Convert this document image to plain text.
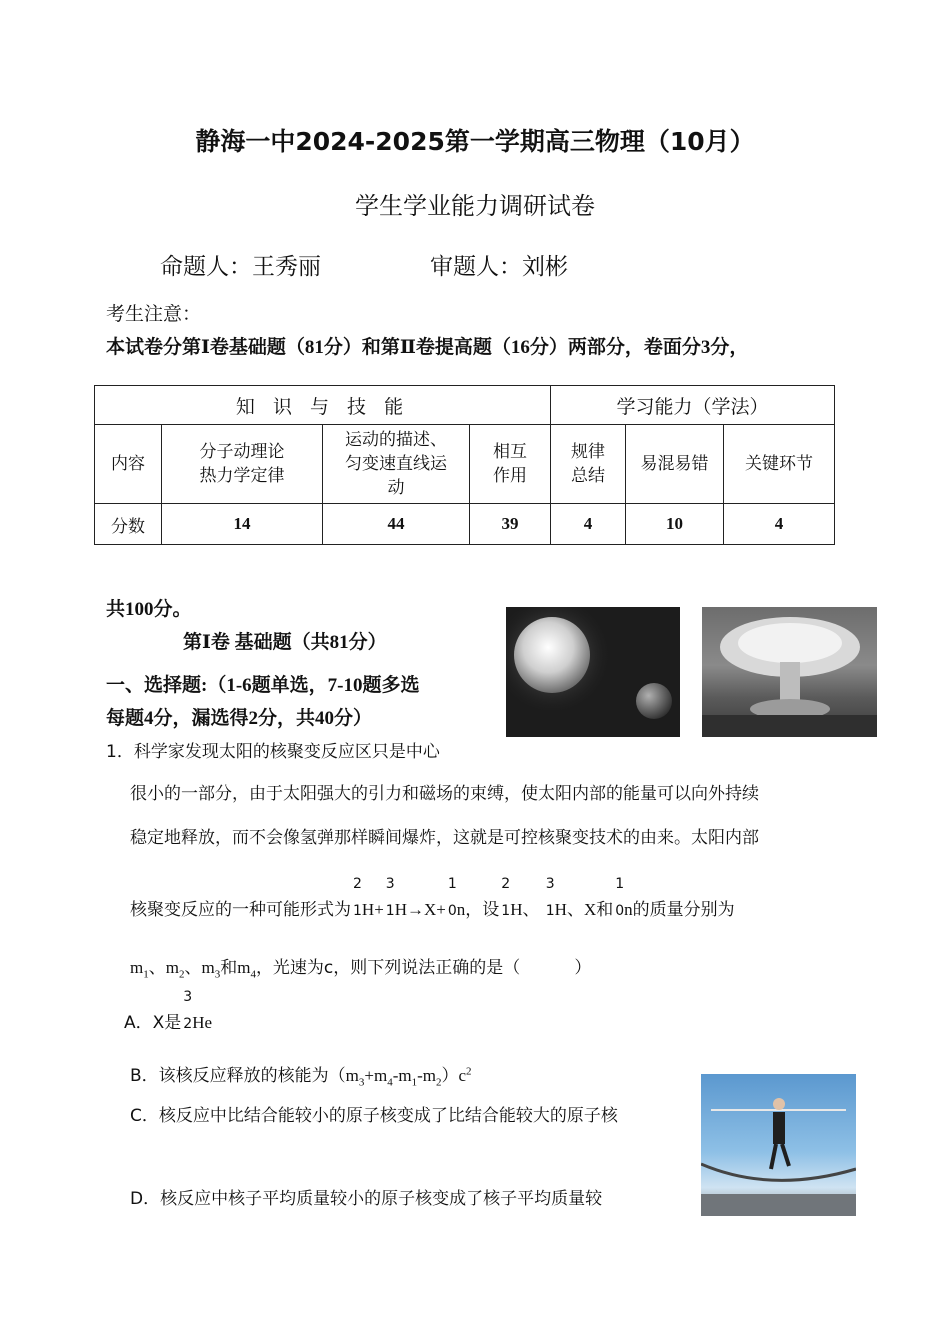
静海一中2024-2025第一学期高三物理（10月）
学生学业能力调研试卷
命题人：王秀丽	审题人：刘彬
考生注意：
本试卷分第Ⅰ卷基础题（81分）和第Ⅱ卷提高题（16分）两部分，卷面分3分，
知 识 与 技 能				学习能力（学法）		
内容	分子动理论
热力学定律	运动的描述、
匀变速直线运
动	相互
作用	规律
总结	易混易错	关键环节
分数	14	44	39	4	10	4
共100分。
第Ⅰ卷 基础题（共81分）
一、选择题:（1-6题单选，7-10题多选
每题4分，漏选得2分，共40分）
1．科学家发现太阳的核聚变反应区只是中心
很小的一部分，由于太阳强大的引力和磁场的束缚，使太阳内部的能量可以向外持续
稳定地释放，而不会像氢弹那样瞬间爆炸，这就是可控核聚变技术的由来。太阳内部
核聚变反应的一种可能形式为
2
1H+
3
1H→X+
1
0n，设
2
1H、
3
1H、X和
1
0n的质量分别为
$m_1$、$m_2$、$m_3$和$m_4$，光速为c，则下列说法正确的是（	）
A．X是
3
2He
B．该核反应释放的核能为$(m_3+m_4-m_1-m_2)c^2$
C．核反应中比结合能较小的原子核变成了比结合能较大的原子核
D．核反应中核子平均质量较小的原子核变成了核子平均质量较
